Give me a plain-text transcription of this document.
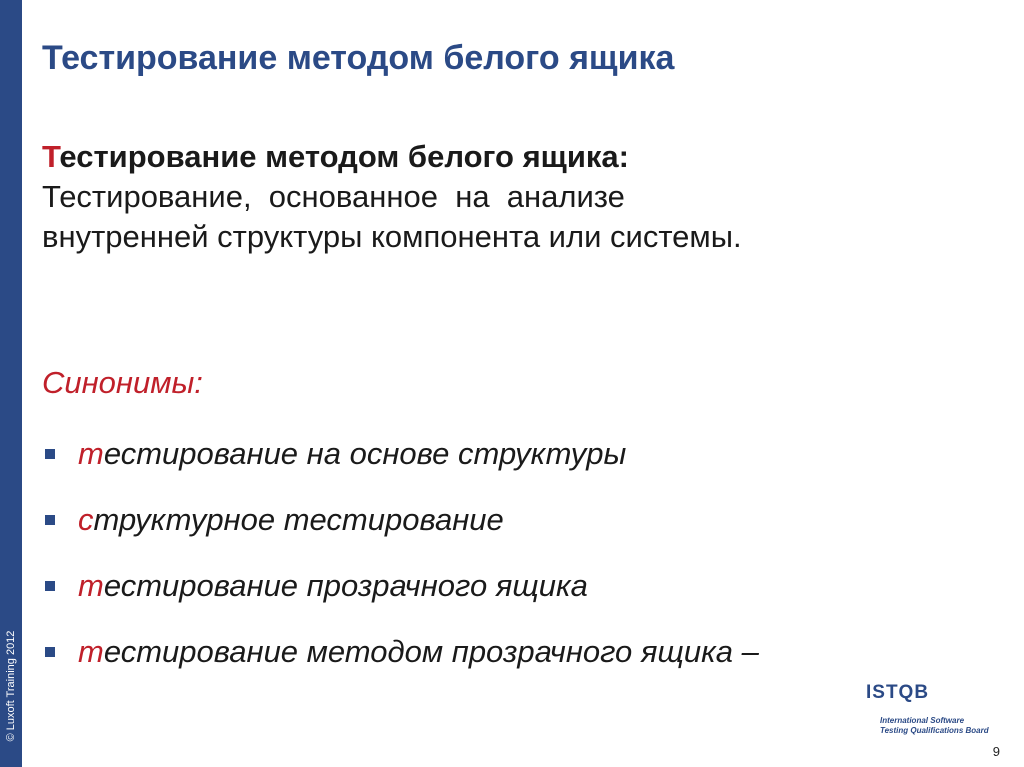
© Luxoft Training 2012
Тестирование методом белого ящика
Тестирование методом белого ящика:
Тестирование,  основанное  на  анализе
внутренней структуры компонента или системы.

Синонимы:

тестирование на основе структуры
структурное тестирование
тестирование прозрачного ящика
тестирование методом прозрачного ящика –
ISTQB
International Software
Testing Qualifications Board
9
